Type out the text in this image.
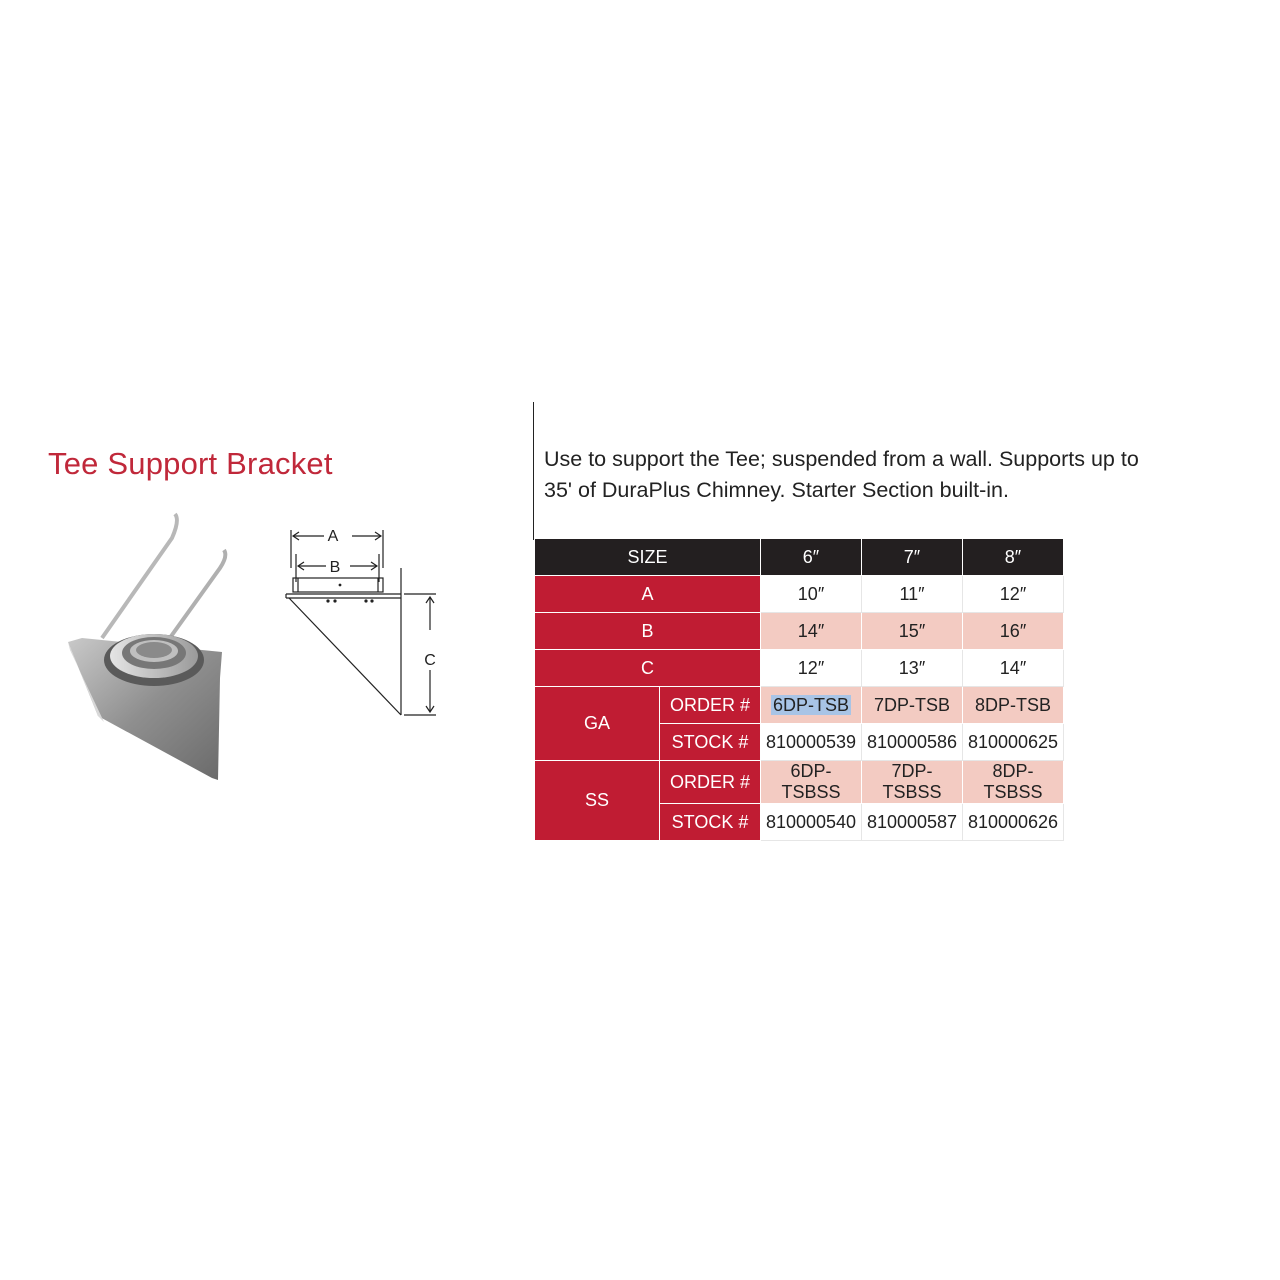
Tee Support Bracket
A
B
C
Use to support the Tee; suspended from a wall. Supports up to
35' of DuraPlus Chimney. Starter Section built-in.
SIZE		6″	7″	8″
A		10″	11″	12″
B		14″	15″	16″
C		12″	13″	14″
GA	ORDER #	6DP-TSB	7DP-TSB	8DP-TSB
	STOCK #	810000539	810000586	810000625
SS	ORDER #	6DP-TSBSS	7DP-TSBSS	8DP-TSBSS
	STOCK #	810000540	810000587	810000626
